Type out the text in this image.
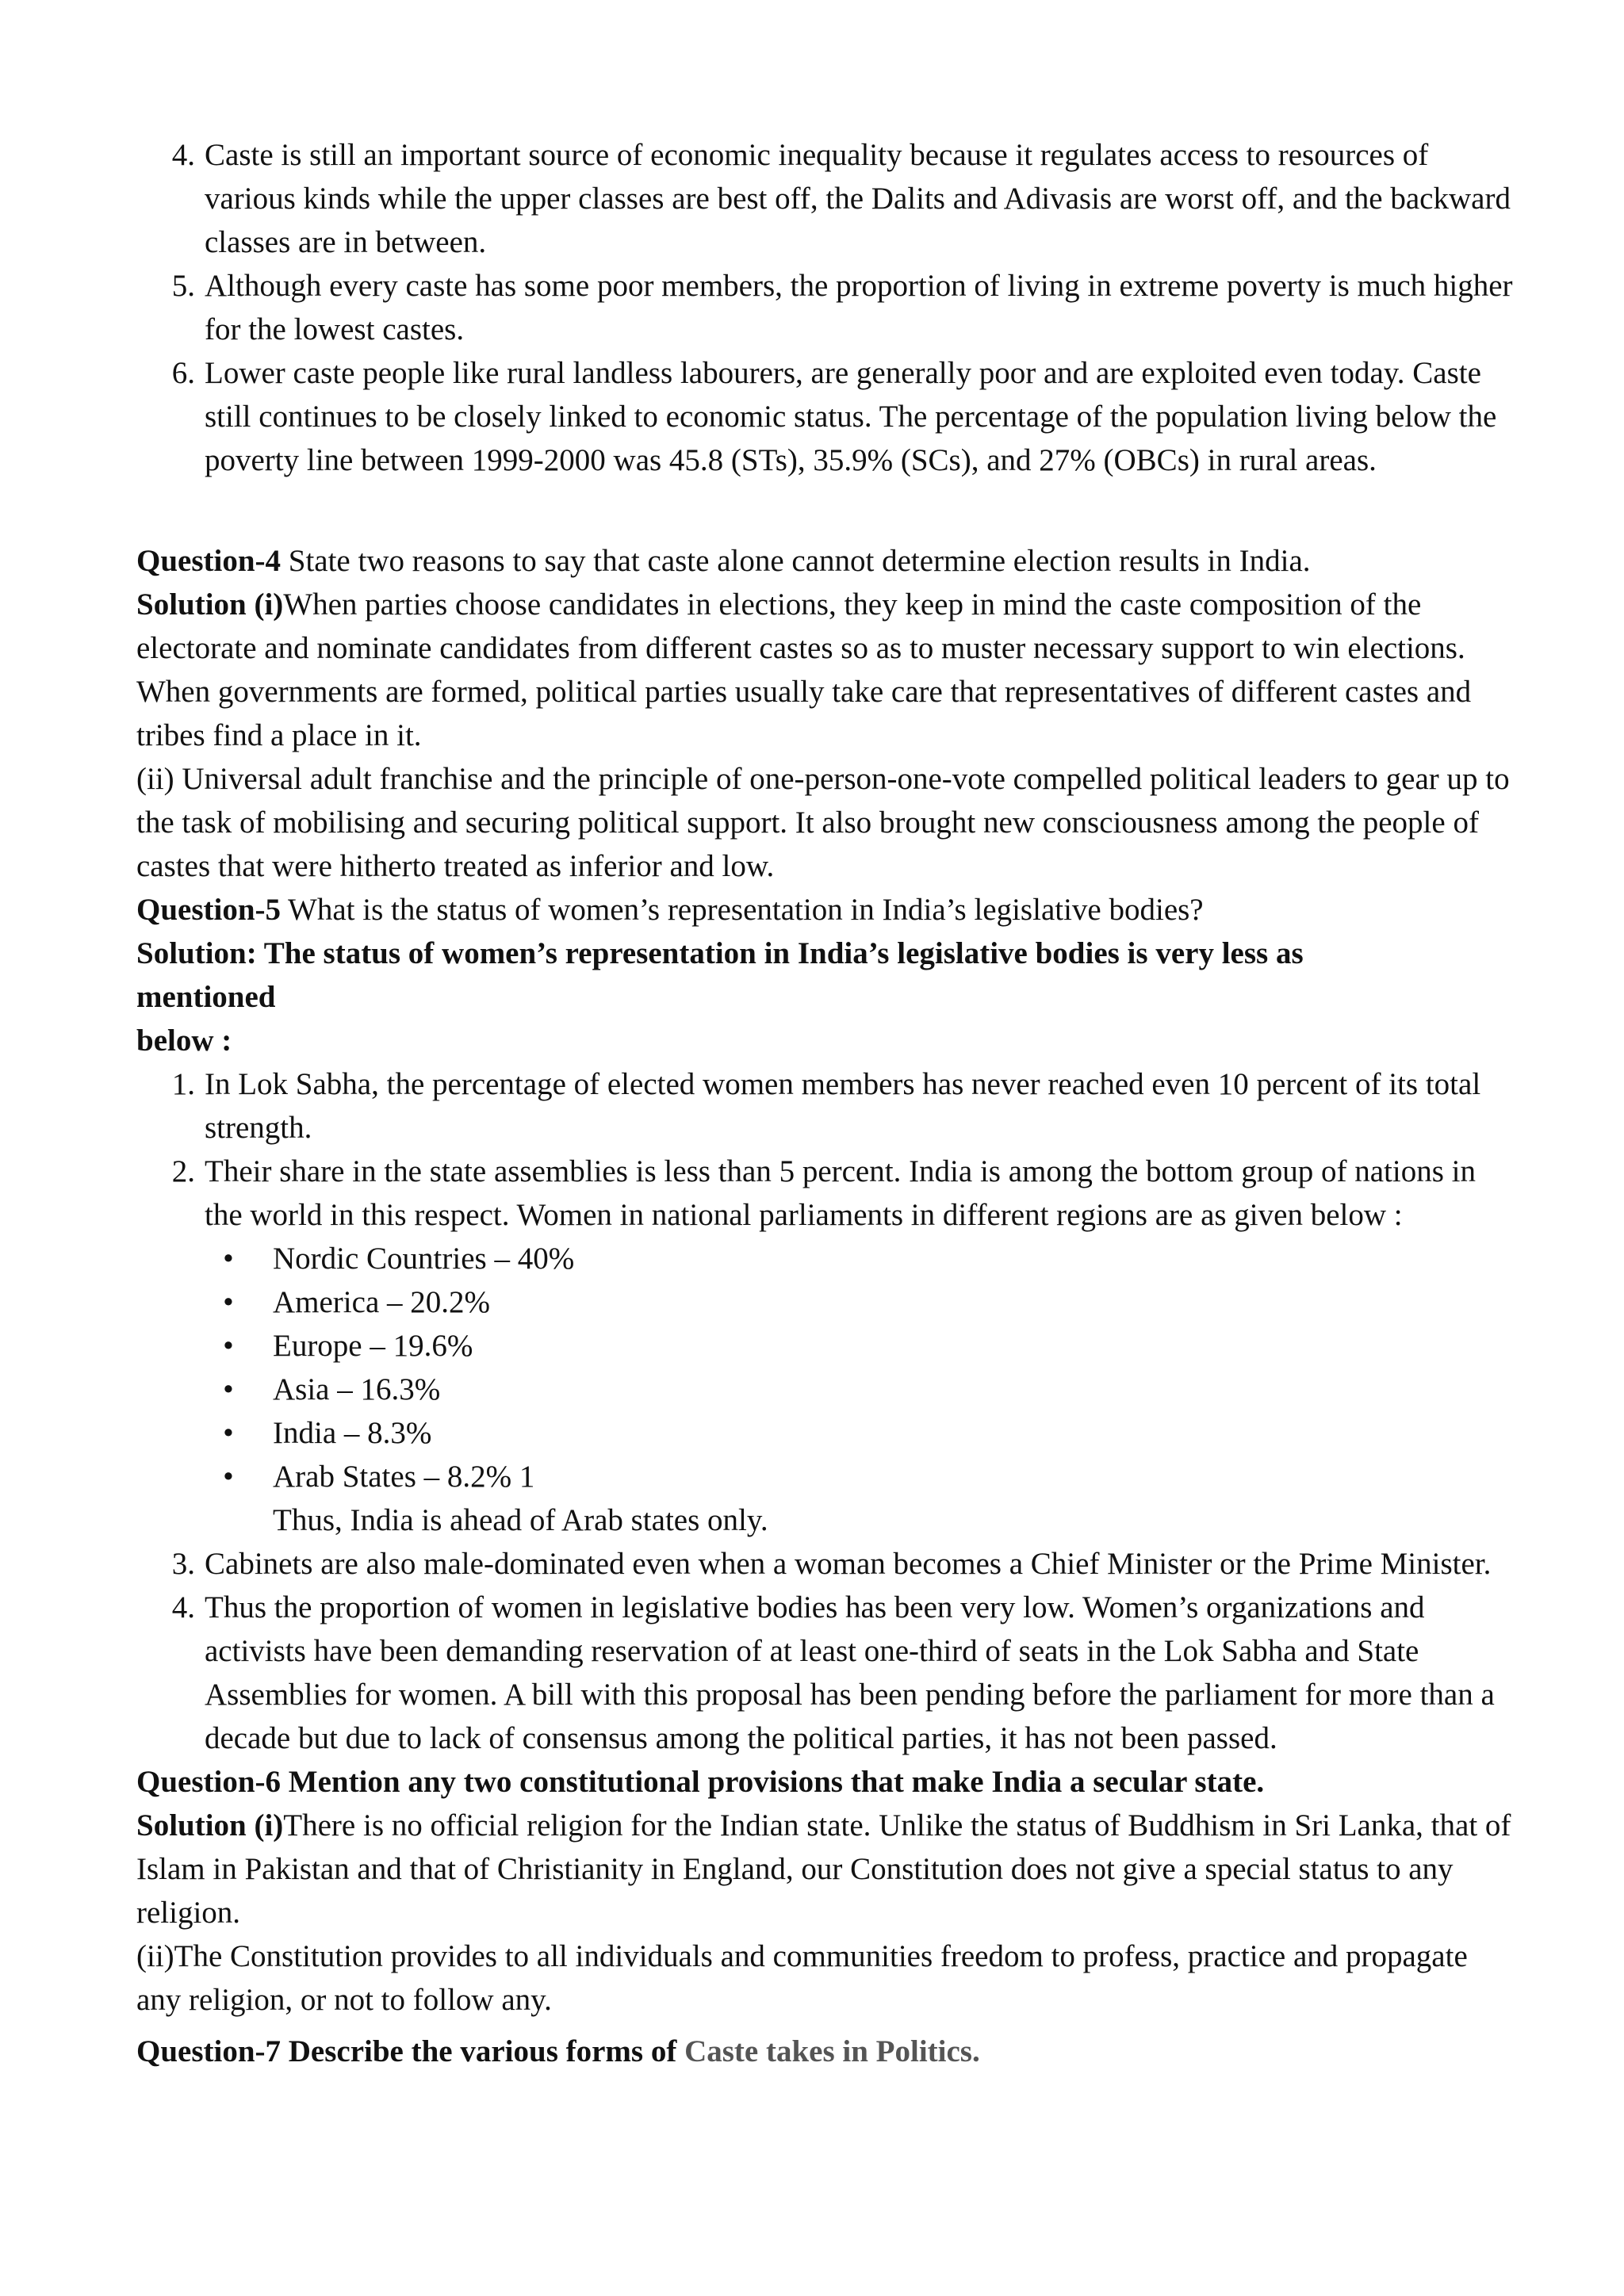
4. Caste is still an important source of economic inequality because it regulates access to resources of various kinds while the upper classes are best off, the Dalits and Adivasis are worst off, and the backward classes are in between.
5. Although every caste has some poor members, the proportion of living in extreme poverty is much higher for the lowest castes.
6. Lower caste people like rural landless labourers, are generally poor and are exploited even today. Caste still continues to be closely linked to economic status. The percentage of the population living below the poverty line between 1999-2000 was 45.8 (STs), 35.9% (SCs), and 27% (OBCs) in rural areas.

Question-4 State two reasons to say that caste alone cannot determine election results in India.

Solution (i)When parties choose candidates in elections, they keep in mind the caste composition of the electorate and nominate candidates from different castes so as to muster necessary support to win elections. When governments are formed, political parties usually take care that representatives of different castes and tribes find a place in it.

(ii) Universal adult franchise and the principle of one-person-one-vote compelled political leaders to gear up to the task of mobilising and securing political support. It also brought new consciousness among the people of castes that were hitherto treated as inferior and low.

Question-5 What is the status of women’s representation in India’s legislative bodies?

Solution: The status of women’s representation in India’s legislative bodies is very less as

mentioned

below :

1. In Lok Sabha, the percentage of elected women members has never reached even 10 percent of its total strength.
2. Their share in the state assemblies is less than 5 percent. India is among the bottom group of nations in the world in this respect. Women in national parliaments in different regions are as given below :
•	Nordic Countries – 40%
•	America – 20.2%
•	Europe – 19.6%
•	Asia – 16.3%
•	India – 8.3%
•	Arab States – 8.2% 1
Thus, India is ahead of Arab states only.
3. Cabinets are also male-dominated even when a woman becomes a Chief Minister or the Prime Minister.
4. Thus the proportion of women in legislative bodies has been very low. Women’s organizations and activists have been demanding reservation of at least one-third of seats in the Lok Sabha and State Assemblies for women. A bill with this proposal has been pending before the parliament for more than a decade but due to lack of consensus among the political parties, it has not been passed.

Question-6 Mention any two constitutional provisions that make India a secular state.

Solution (i)There is no official religion for the Indian state. Unlike the status of Buddhism in Sri Lanka, that of Islam in Pakistan and that of Christianity in England, our Constitution does not give a special status to any religion.

(ii)The Constitution provides to all individuals and communities freedom to profess, practice and propagate any religion, or not to follow any.

Question-7 Describe the various forms of Caste takes in Politics.
